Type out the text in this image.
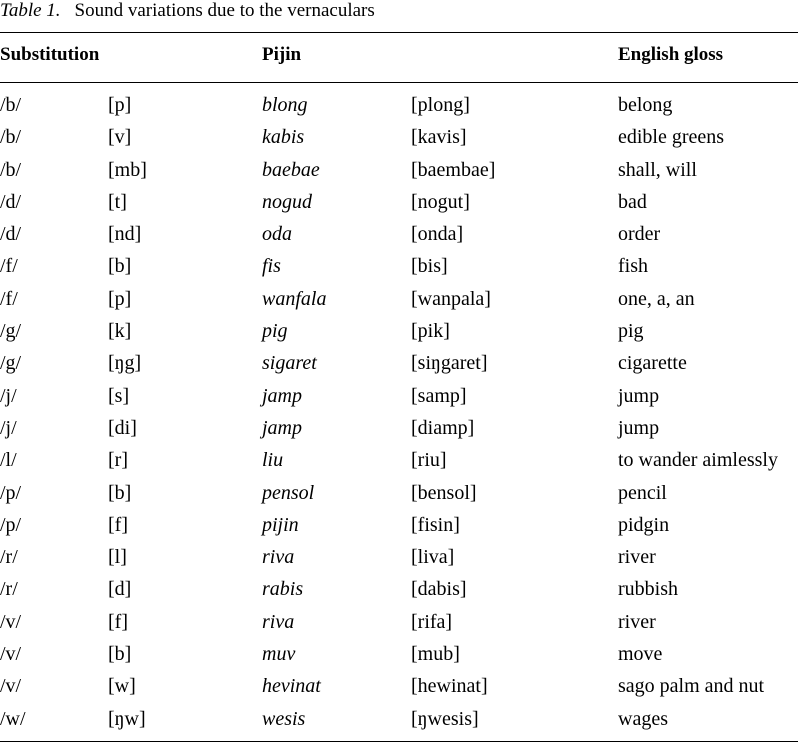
Table 1. Sound variations due to the vernaculars
Substitution	Pijin	English gloss
/b/	[p]	blong	[plong]	belong
/b/	[v]	kabis	[kavis]	edible greens
/b/	[mb]	baebae	[baembae]	shall, will
/d/	[t]	nogud	[nogut]	bad
/d/	[nd]	oda	[onda]	order
/f/	[b]	fis	[bis]	fish
/f/	[p]	wanfala	[wanpala]	one, a, an
/g/	[k]	pig	[pik]	pig
/g/	[ŋg]	sigaret	[siŋgaret]	cigarette
/j/	[s]	jamp	[samp]	jump
/j/	[di]	jamp	[diamp]	jump
/l/	[r]	liu	[riu]	to wander aimlessly
/p/	[b]	pensol	[bensol]	pencil
/p/	[f]	pijin	[fisin]	pidgin
/r/	[l]	riva	[liva]	river
/r/	[d]	rabis	[dabis]	rubbish
/v/	[f]	riva	[rifa]	river
/v/	[b]	muv	[mub]	move
/v/	[w]	hevinat	[hewinat]	sago palm and nut
/w/	[ŋw]	wesis	[ŋwesis]	wages
